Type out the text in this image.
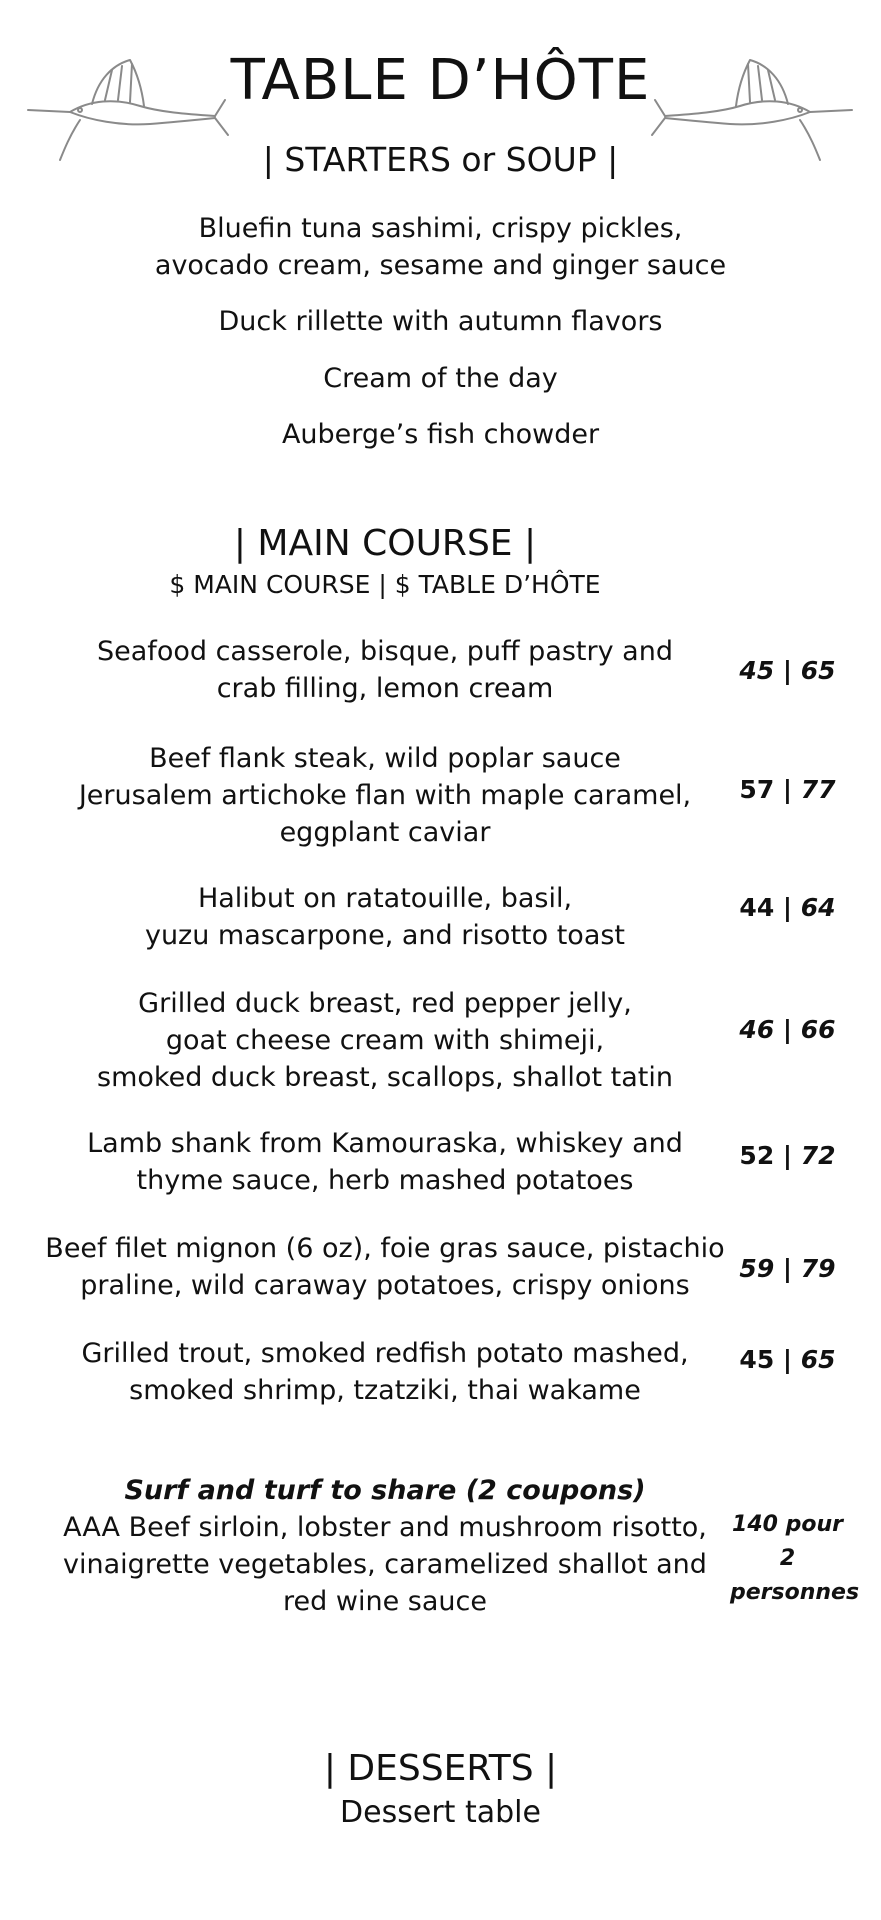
TABLE D’HÔTE
| STARTERS or SOUP |
Bluefin tuna sashimi, crispy pickles,
avocado cream, sesame and ginger sauce
Duck rillette with autumn flavors
Cream of the day
Auberge’s fish chowder
| MAIN COURSE |
$ MAIN COURSE | $ TABLE D’HÔTE
Seafood casserole, bisque, puff pastry and
crab filling, lemon cream
45 | 65
Beef flank steak, wild poplar sauce
Jerusalem artichoke flan with maple caramel,
eggplant caviar
57 | 77
Halibut on ratatouille, basil,
yuzu mascarpone, and risotto toast
44 | 64
Grilled duck breast, red pepper jelly,
goat cheese cream with shimeji,
smoked duck breast, scallops, shallot tatin
46 | 66
Lamb shank from Kamouraska, whiskey and
thyme sauce, herb mashed potatoes
52 | 72
Beef filet mignon (6 oz), foie gras sauce, pistachio
praline, wild caraway potatoes, crispy onions
59 | 79
Grilled trout, smoked redfish potato mashed,
smoked shrimp, tzatziki, thai wakame
45 | 65
Surf and turf to share (2 coupons)
AAA Beef sirloin, lobster and mushroom risotto,
vinaigrette vegetables, caramelized shallot and
red wine sauce
140 pour
2 personnes
| DESSERTS |
Dessert table
